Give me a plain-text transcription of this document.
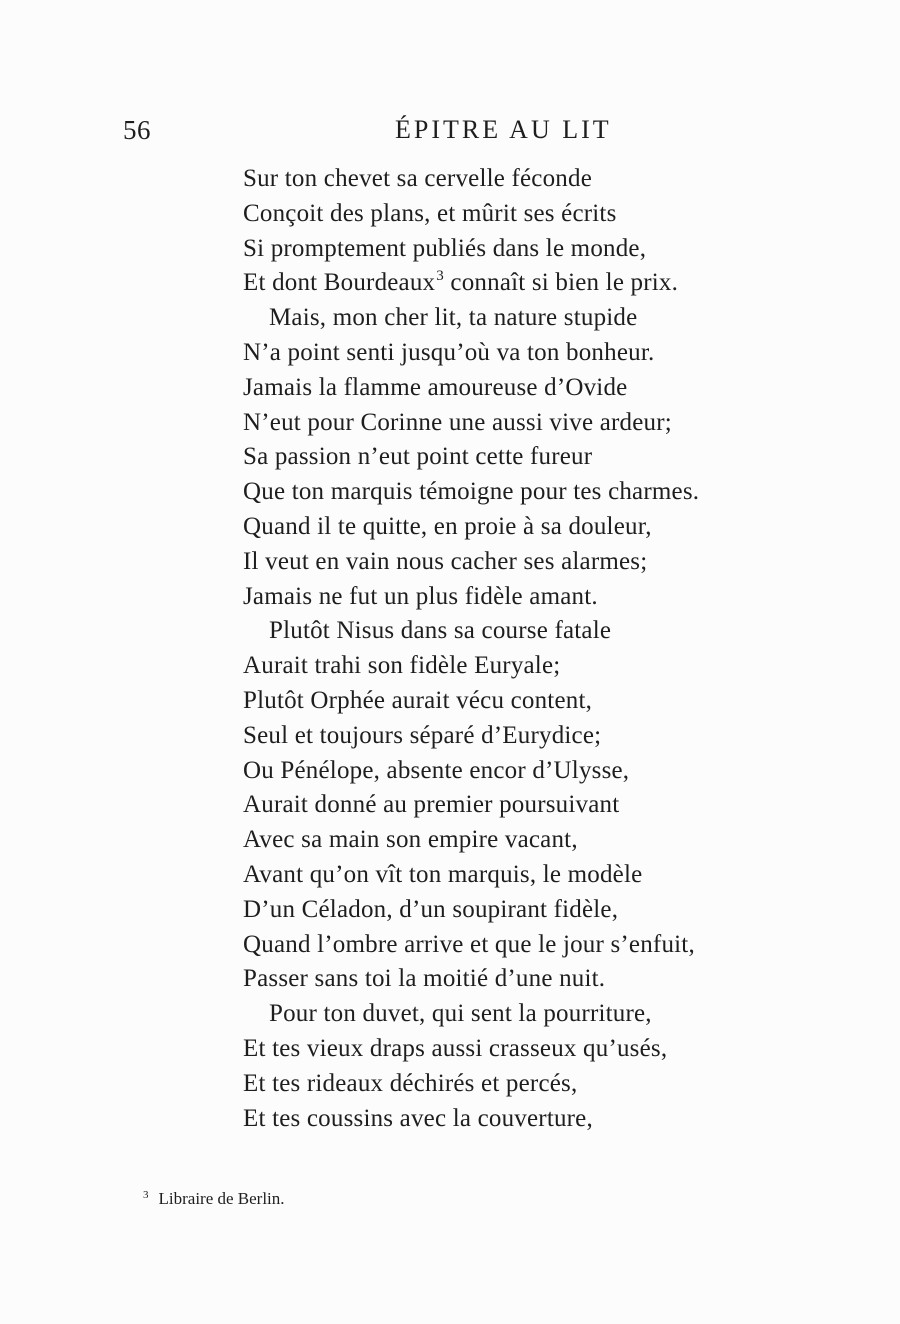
56	ÉPITRE AU LIT
Sur ton chevet sa cervelle féconde
Conçoit des plans, et mûrit ses écrits
Si promptement publiés dans le monde,
Et dont Bourdeaux$^3$ connaît si bien le prix.
Mais, mon cher lit, ta nature stupide
N’a point senti jusqu’où va ton bonheur.
Jamais la flamme amoureuse d’Ovide
N’eut pour Corinne une aussi vive ardeur;
Sa passion n’eut point cette fureur
Que ton marquis témoigne pour tes charmes.
Quand il te quitte, en proie à sa douleur,
Il veut en vain nous cacher ses alarmes;
Jamais ne fut un plus fidèle amant.
Plutôt Nisus dans sa course fatale
Aurait trahi son fidèle Euryale;
Plutôt Orphée aurait vécu content,
Seul et toujours séparé d’Eurydice;
Ou Pénélope, absente encor d’Ulysse,
Aurait donné au premier poursuivant
Avec sa main son empire vacant,
Avant qu’on vît ton marquis, le modèle
D’un Céladon, d’un soupirant fidèle,
Quand l’ombre arrive et que le jour s’enfuit,
Passer sans toi la moitié d’une nuit.
Pour ton duvet, qui sent la pourriture,
Et tes vieux draps aussi crasseux qu’usés,
Et tes rideaux déchirés et percés,
Et tes coussins avec la couverture,
$^3$ Libraire de Berlin.
